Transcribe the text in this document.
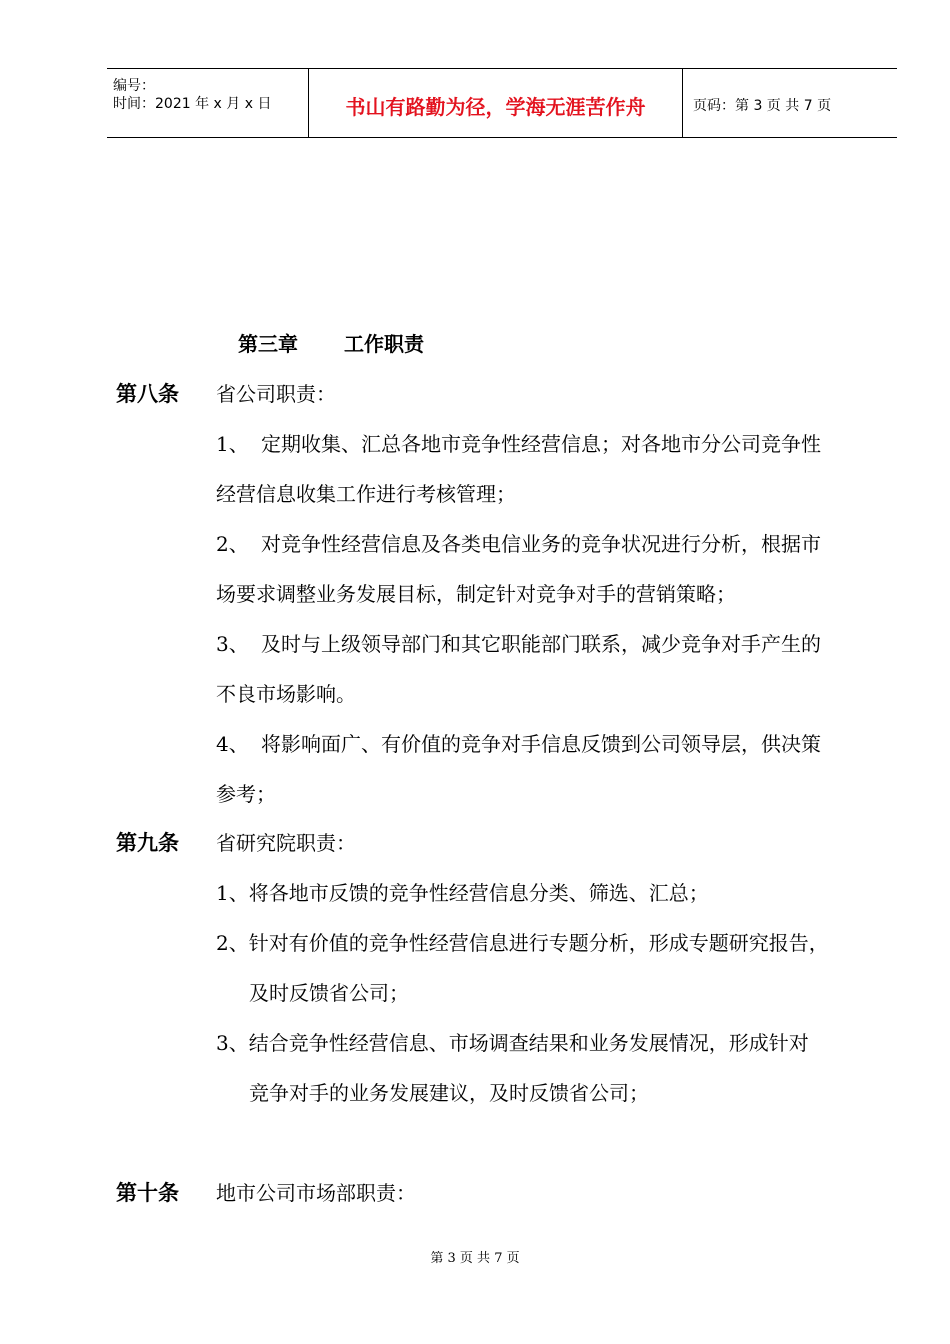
编号：
时间：2021 年 x 月 x 日	书山有路勤为径，学海无涯苦作舟	页码：第 3 页 共 7 页
第三章 工作职责
第八条 省公司职责：
1、 定期收集、汇总各地市竞争性经营信息；对各地市分公司竞争性
经营信息收集工作进行考核管理；
2、 对竞争性经营信息及各类电信业务的竞争状况进行分析，根据市
场要求调整业务发展目标，制定针对竞争对手的营销策略；
3、 及时与上级领导部门和其它职能部门联系，减少竞争对手产生的
不良市场影响。
4、 将影响面广、有价值的竞争对手信息反馈到公司领导层，供决策
参考；
第九条 省研究院职责：
1、将各地市反馈的竞争性经营信息分类、筛选、汇总；
2、针对有价值的竞争性经营信息进行专题分析，形成专题研究报告，
及时反馈省公司；
3、结合竞争性经营信息、市场调查结果和业务发展情况，形成针对
竞争对手的业务发展建议，及时反馈省公司；
第十条 地市公司市场部职责：
第 3 页 共 7 页
